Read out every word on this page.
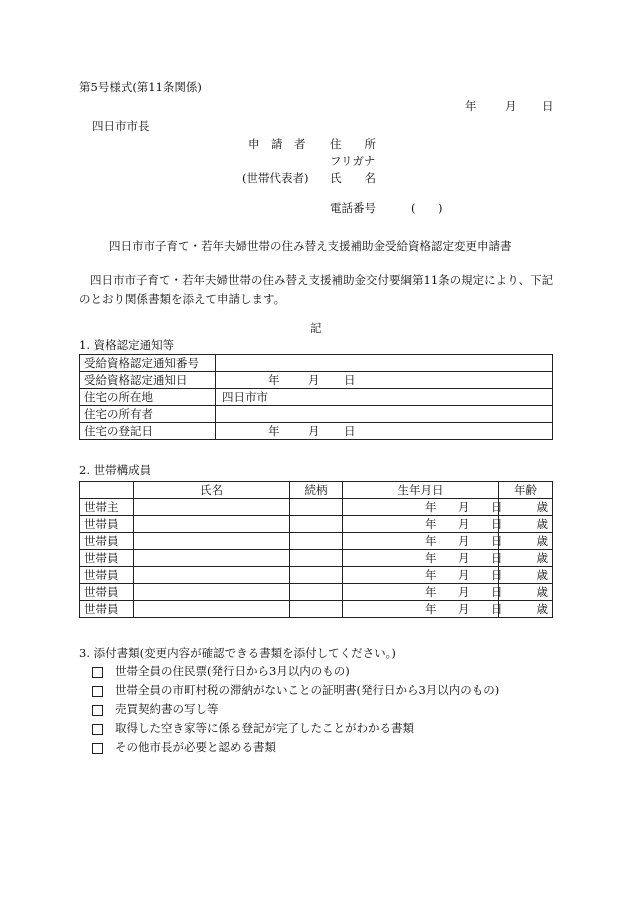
第5号様式(第11条関係)
年 月 日
四日市市長
申　請　者 住　　所
フリガナ
(世帯代表者) 氏　　名
電話番号	( )
四日市市子育て・若年夫婦世帯の住み替え支援補助金受給資格認定変更申請書
四日市市子育て・若年夫婦世帯の住み替え支援補助金交付要綱第11条の規定により、下記
のとおり関係書類を添えて申請します。
記
1. 資格認定通知等
受給資格認定通知番号	
受給資格認定通知日	年 月 日

住宅の所在地	四日市市
住宅の所有者	
住宅の登記日	年 月 日
2. 世帯構成員
	氏名	続柄	生年月日	年齢
世帯主			年 月 日	歳

世帯員			年 月 日	歳

世帯員			年 月 日	歳

世帯員			年 月 日	歳

世帯員			年 月 日	歳

世帯員			年 月 日	歳

世帯員			年 月 日	歳
3. 添付書類(変更内容が確認できる書類を添付してください。)
世帯全員の住民票(発行日から3月以内のもの)
世帯全員の市町村税の滞納がないことの証明書(発行日から3月以内のもの)
売買契約書の写し等
取得した空き家等に係る登記が完了したことがわかる書類
その他市長が必要と認める書類
